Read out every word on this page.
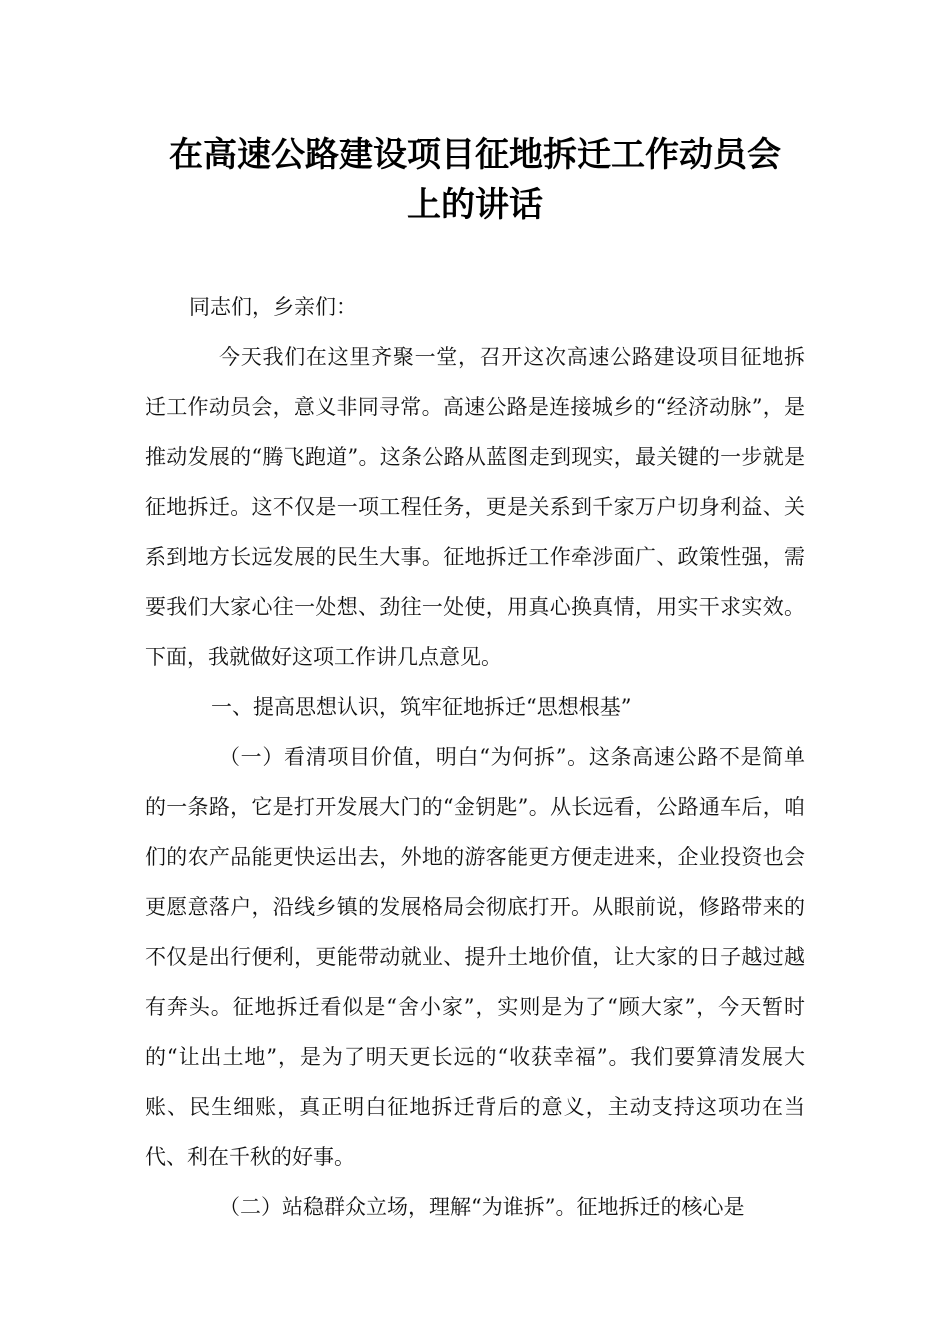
在高速公路建设项目征地拆迁工作动员会
上的讲话

同志们，乡亲们：

今天我们在这里齐聚一堂，召开这次高速公路建设项目征地拆迁工作动员会，意义非同寻常。高速公路是连接城乡的“经济动脉”，是推动发展的“腾飞跑道”。这条公路从蓝图走到现实，最关键的一步就是征地拆迁。这不仅是一项工程任务，更是关系到千家万户切身利益、关系到地方长远发展的民生大事。征地拆迁工作牵涉面广、政策性强，需要我们大家心往一处想、劲往一处使，用真心换真情，用实干求实效。下面，我就做好这项工作讲几点意见。

一、提高思想认识，筑牢征地拆迁“思想根基”

（一）看清项目价值，明白“为何拆”。这条高速公路不是简单的一条路，它是打开发展大门的“金钥匙”。从长远看，公路通车后，咱们的农产品能更快运出去，外地的游客能更方便走进来，企业投资也会更愿意落户，沿线乡镇的发展格局会彻底打开。从眼前说，修路带来的不仅是出行便利，更能带动就业、提升土地价值，让大家的日子越过越有奔头。征地拆迁看似是“舍小家”，实则是为了“顾大家”，今天暂时的“让出土地”，是为了明天更长远的“收获幸福”。我们要算清发展大账、民生细账，真正明白征地拆迁背后的意义，主动支持这项功在当代、利在千秋的好事。

（二）站稳群众立场，理解“为谁拆”。征地拆迁的核心是
